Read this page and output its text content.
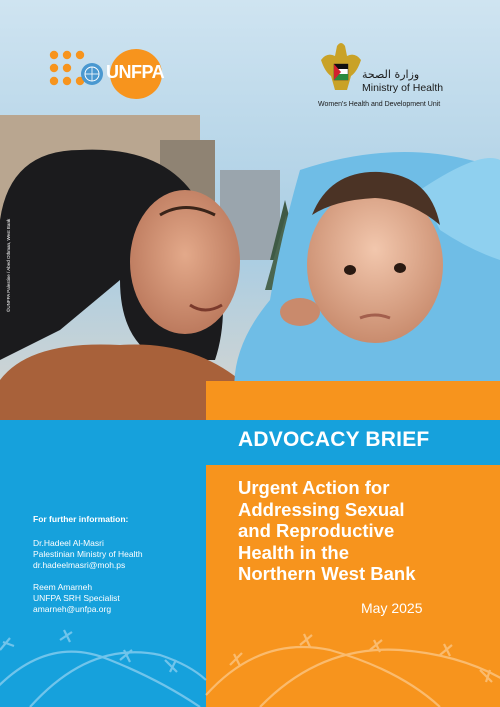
UNFPA	وزارة الصحة
Ministry of Health
Women's Health and Development Unit
©UNFPA Palestine / Abed Othman, West Bank
ADVOCACY BRIEF
Urgent Action for
Addressing Sexual
and Reproductive
Health in the
Northern West Bank
May 2025
For further information:
Dr.Hadeel Al-Masri
Palestinian Ministry of Health
dr.hadeelmasri@moh.ps
Reem Amarneh
UNFPA SRH Specialist
amarneh@unfpa.org
